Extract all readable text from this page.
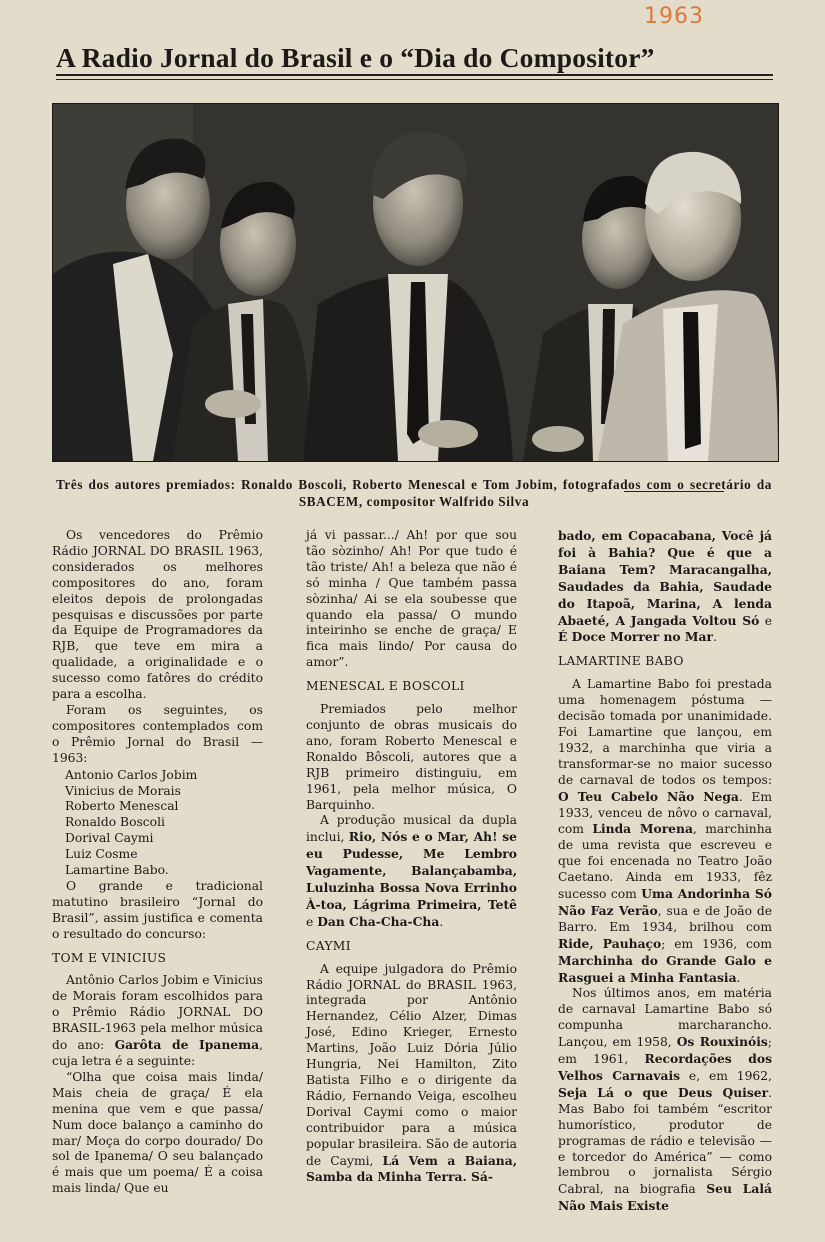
1963
A Radio Jornal do Brasil e o “Dia do Compositor”
Três dos autores premiados: Ronaldo Boscoli, Roberto Menescal e Tom Jobim, fotografados com o secretário da SBACEM, compositor Walfrido Silva

Os vencedores do Prêmio Rádio JORNAL DO BRASIL 1963, considerados os melhores compositores do ano, foram eleitos depois de prolongadas pesquisas e discussões por parte da Equipe de Programadores da RJB, que teve em mira a qualidade, a originalidade e o sucesso como fatôres do crédito para a escolha.

Foram os seguintes, os compositores contemplados com o Prêmio Jornal do Brasil — 1963:

Antonio Carlos Jobim
Vinicius de Morais
Roberto Menescal
Ronaldo Boscoli
Dorival Caymi
Luiz Cosme
Lamartine Babo.

O grande e tradicional matutino brasileiro “Jornal do Brasil”, assim justifica e comenta o resultado do concurso:

TOM E VINICIUS

Antônio Carlos Jobim e Vinicius de Morais foram escolhidos para o Prêmio Rádio JORNAL DO BRASIL-1963 pela melhor música do ano: Garôta de Ipanema, cuja letra é a seguinte:

“Olha que coisa mais linda/ Mais cheia de graça/ É ela menina que vem e que passa/ Num doce balanço a caminho do mar/ Moça do corpo dourado/ Do sol de Ipanema/ O seu balançado é mais que um poema/ É a coisa mais linda/ Que eu

já vi passar.../ Ah! por que sou tão sòzinho/ Ah! Por que tudo é tão triste/ Ah! a beleza que não é só minha / Que também passa sòzinha/ Ai se ela soubesse que quando ela passa/ O mundo inteirinho se enche de graça/ E fica mais lindo/ Por causa do amor”.

MENESCAL E BOSCOLI

Premiados pelo melhor conjunto de obras musicais do ano, foram Roberto Menescal e Ronaldo Bôscoli, autores que a RJB primeiro distinguiu, em 1961, pela melhor música, O Barquinho.

A produção musical da dupla inclui, Rio, Nós e o Mar, Ah! se eu Pudesse, Me Lembro Vagamente, Balançabamba, Luluzinha Bossa Nova Errinho À-toa, Lágrima Primeira, Tetê e Dan Cha-Cha-Cha.

CAYMI

A equipe julgadora do Prêmio Rádio JORNAL do BRASIL 1963, integrada por Antônio Hernandez, Célio Alzer, Dimas José, Edino Krieger, Ernesto Martins, João Luiz Dória Júlio Hungria, Nei Hamilton, Zito Batista Filho e o dirigente da Rádio, Fernando Veiga, escolheu Dorival Caymi como o maior contribuidor para a música popular brasileira. São de autoria de Caymi, Lá Vem a Baiana, Samba da Minha Terra. Sá-

bado, em Copacabana, Você já foi à Bahia? Que é que a Baiana Tem? Maracangalha, Saudades da Bahia, Saudade do Itapoã, Marina, A lenda Abaeté, A Jangada Voltou Só e É Doce Morrer no Mar.

LAMARTINE BABO

A Lamartine Babo foi prestada uma homenagem póstuma — decisão tomada por unanimidade. Foi Lamartine que lançou, em 1932, a marchinha que viria a transformar-se no maior sucesso de carnaval de todos os tempos: O Teu Cabelo Não Nega. Em 1933, venceu de nôvo o carnaval, com Linda Morena, marchinha de uma revista que escreveu e que foi encenada no Teatro João Caetano. Ainda em 1933, fêz sucesso com Uma Andorinha Só Não Faz Verão, sua e de João de Barro. Em 1934, brilhou com Ride, Pauhaço; em 1936, com Marchinha do Grande Galo e Rasguei a Minha Fantasia.

Nos últimos anos, em matéria de carnaval Lamartine Babo só compunha marcharancho. Lançou, em 1958, Os Rouxinóis; em 1961, Recordações dos Velhos Carnavais e, em 1962, Seja Lá o que Deus Quiser. Mas Babo foi também “escritor humorístico, produtor de programas de rádio e televisão — e torcedor do América” — como lembrou o jornalista Sérgio Cabral, na biografia Seu Lalá Não Mais Existe
